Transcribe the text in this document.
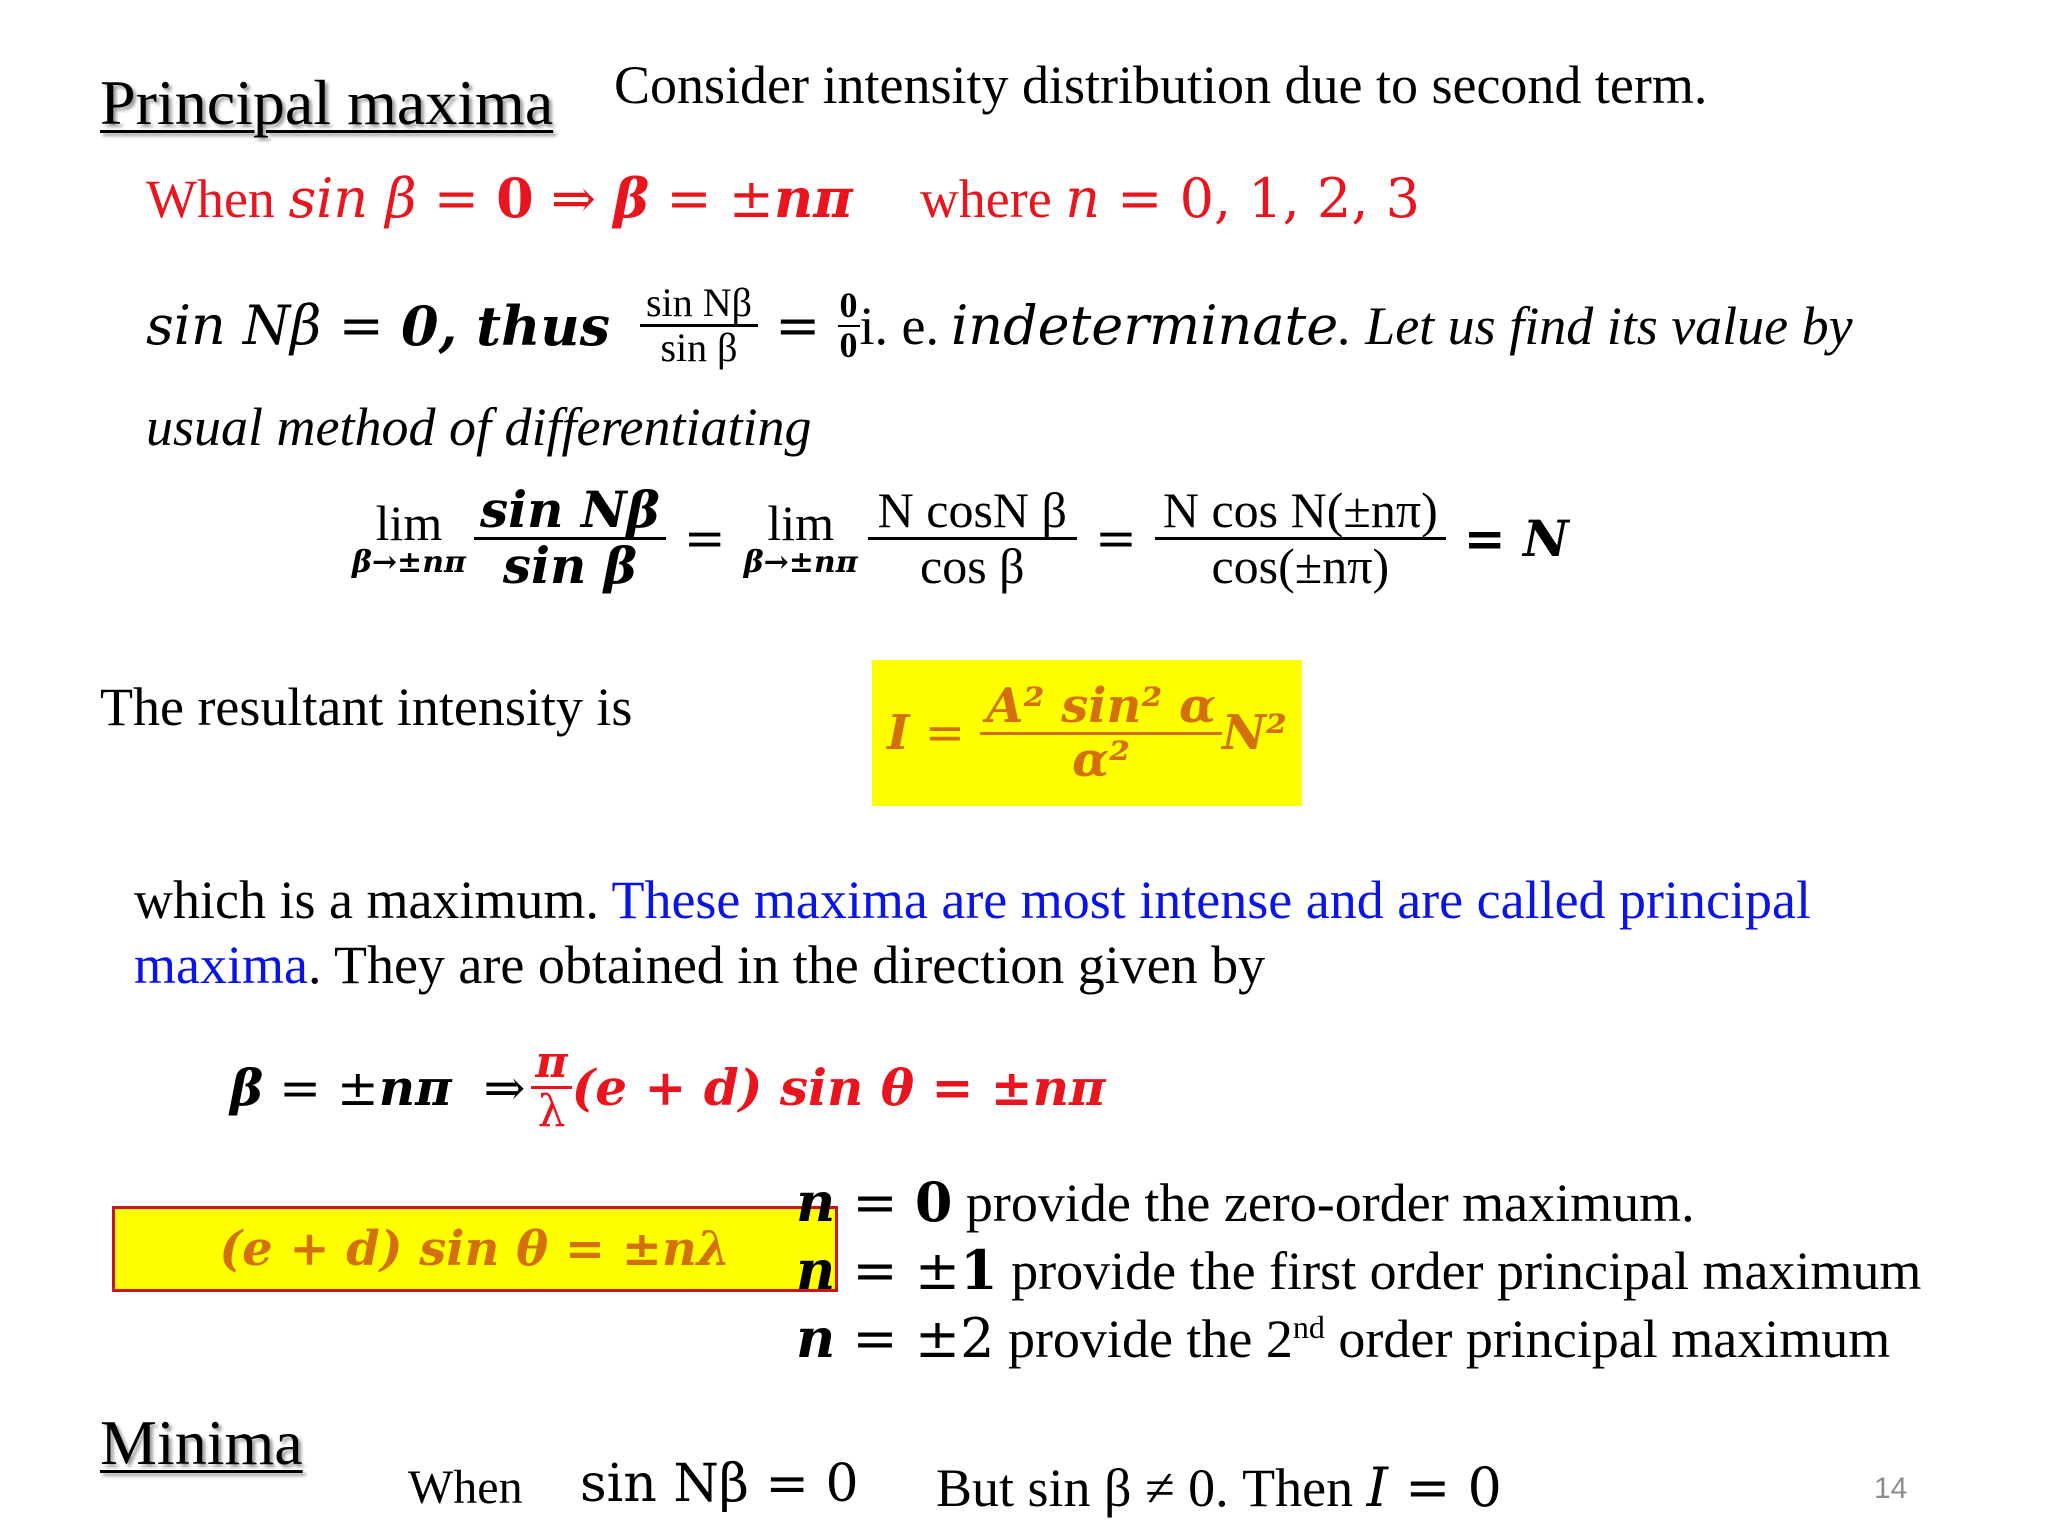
Principal maxima Consider intensity distribution due to second term.
When sin β = 0 ⇒ β = ±nπ where n = 0, 1, 2, 3
sin Nβ = 0, thus $\frac{\text{sin Nβ}}{\text{sin β}} = \frac{0}{0} i$. e. indeterminate . Let us find its value by
usual method of differentiating
lim
$\beta\to\pm n\pi \frac{\text{sin Nβ}}{\text{sin β}} = \lim$
$\beta\to\pm n\pi \frac{\text{N cosN β}}{\text{cos β}} = \frac{\text{N cos N(±nπ)}}{\cos(\pm n\pi)} = N$
The resultant intensity is	$I = \frac{\text{A² sin² α}}{\text{α²}} N^2$
which is a maximum. These maxima are most intense and are called principal
maxima. They are obtained in the direction given by
β = ± nπ ⇒ $\frac{\pi}{\lambda} (e + d)$ sin θ = ±nπ
(e + d) sin θ = ±nλ
n = 0 provide the zero-order maximum.
n = ±1 provide the first order principal maximum
n = ±2 provide the 2nd order principal maximum
Minima
When sin Nβ = 0 But sin β ≠ 0. Then I = 0	14
